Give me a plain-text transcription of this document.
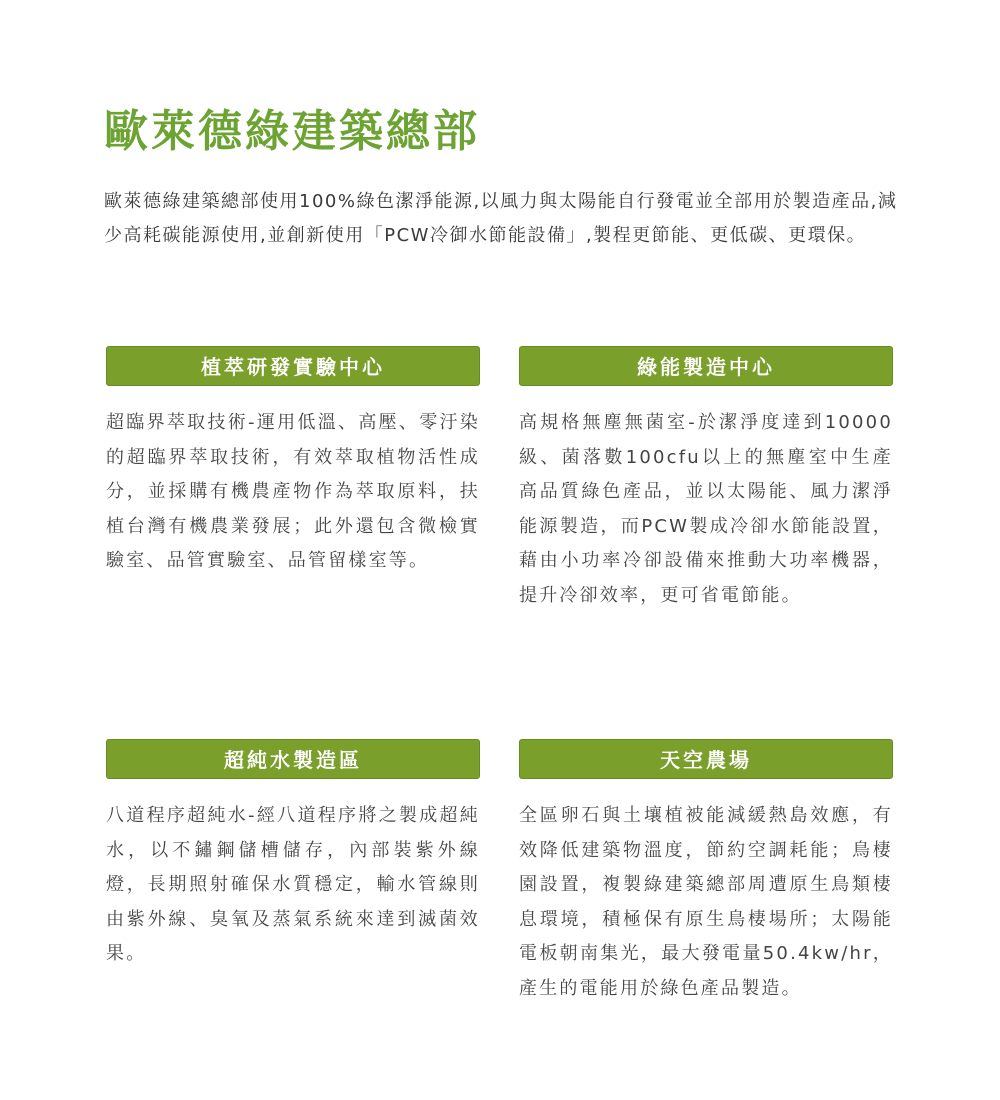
歐萊德綠建築總部

歐萊德綠建築總部使用100%綠色潔淨能源,以風力與太陽能自行發電並全部用於製造產品,減少高耗碳能源使用,並創新使用「PCW冷御水節能設備」,製程更節能、更低碳、更環保。

植萃研發實驗中心

超臨界萃取技術-運用低溫、高壓、零汙染的超臨界萃取技術，有效萃取植物活性成分，並採購有機農產物作為萃取原料，扶植台灣有機農業發展；此外還包含微檢實驗室、品管實驗室、品管留樣室等。

綠能製造中心

高規格無塵無菌室-於潔淨度達到10000級、菌落數100cfu以上的無塵室中生產高品質綠色產品，並以太陽能、風力潔淨能源製造，而PCW製成冷卻水節能設置，藉由小功率冷卻設備來推動大功率機器，提升冷卻效率，更可省電節能。

超純水製造區

八道程序超純水-經八道程序將之製成超純水，以不鏽鋼儲槽儲存，內部裝紫外線燈，長期照射確保水質穩定，輸水管線則由紫外線、臭氧及蒸氣系統來達到滅菌效果。

天空農場

全區卵石與土壤植被能減緩熱島效應，有效降低建築物溫度，節約空調耗能；鳥棲園設置，複製綠建築總部周遭原生鳥類棲息環境，積極保有原生鳥棲場所；太陽能電板朝南集光，最大發電量50.4kw/hr，產生的電能用於綠色產品製造。
